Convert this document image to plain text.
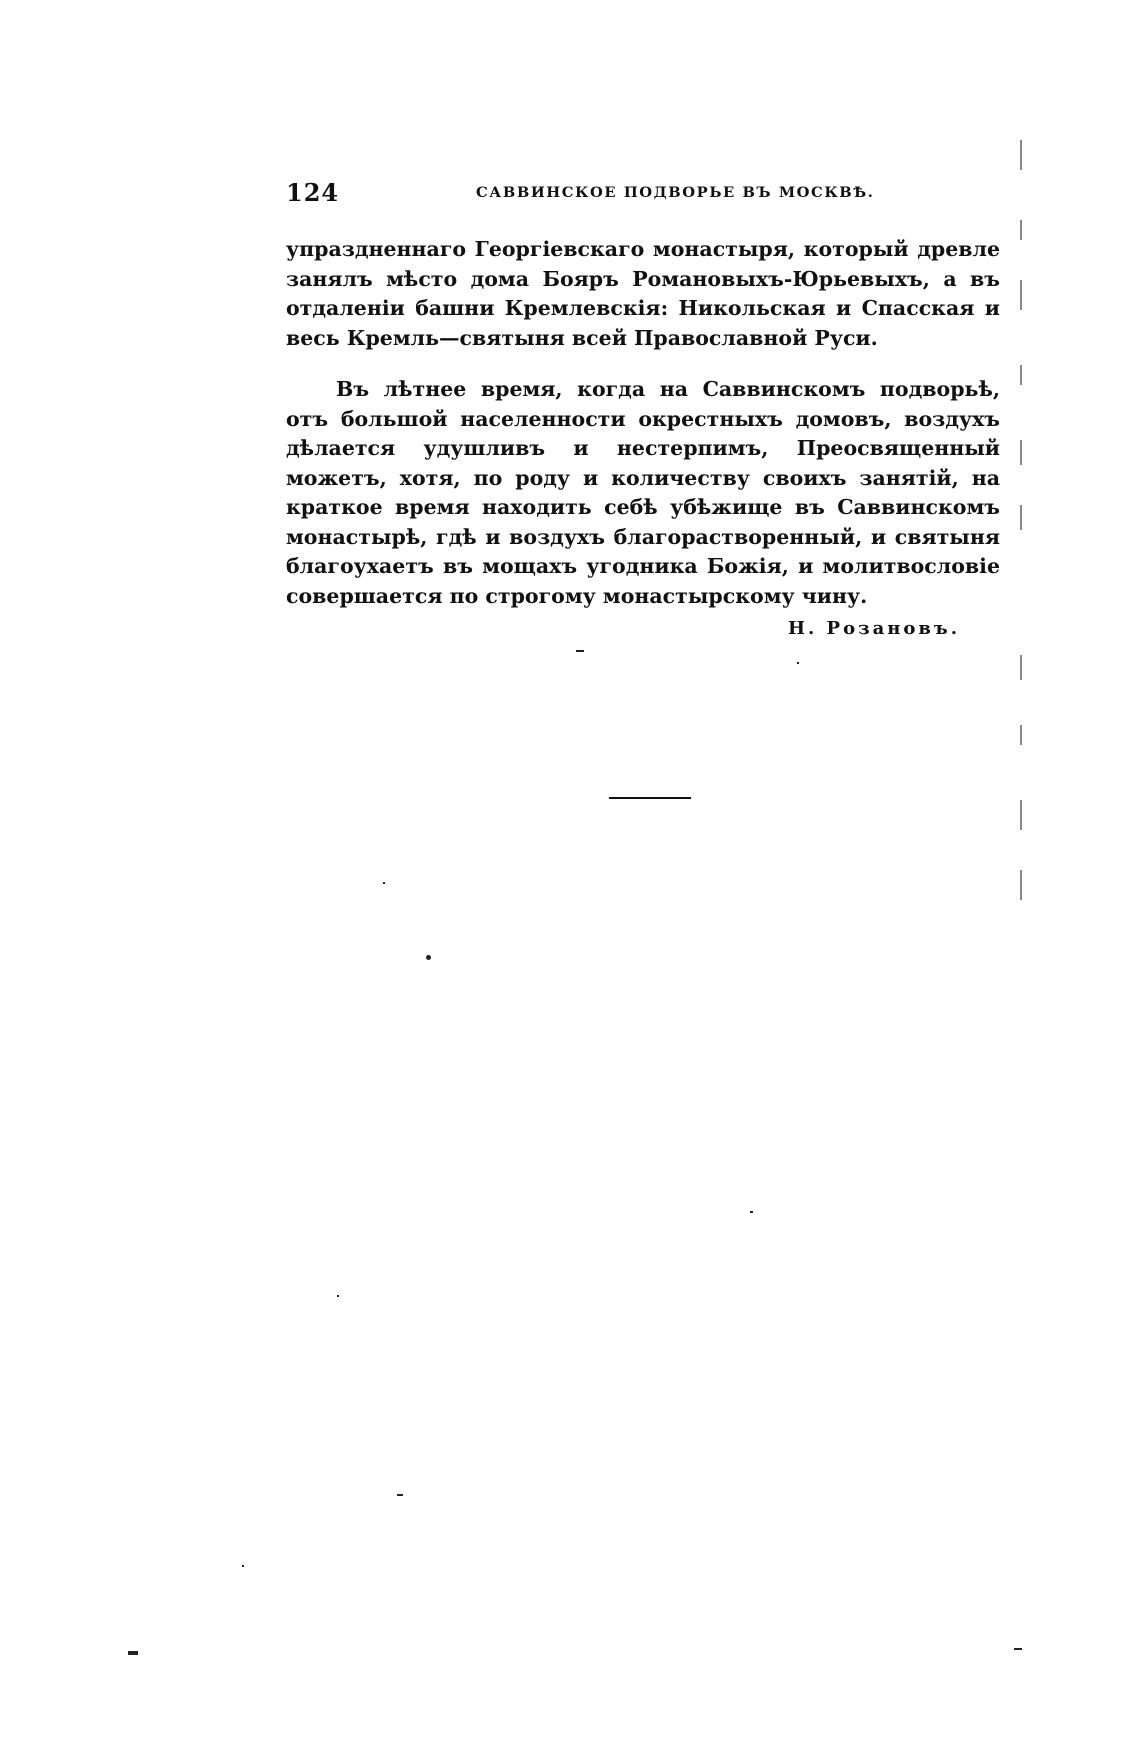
124	САВВИНСКОЕ ПОДВОРЬЕ ВЪ МОСКВѢ.

упраздненнаго Георгіевскаго монастыря, который древле занялъ мѣсто дома Бояръ Романовыхъ-Юрьевыхъ, а въ отдаленіи башни Кремлевскія: Никольская и Спасская и весь Кремль—святыня всей Православной Руси.

Въ лѣтнее время, когда на Саввинскомъ подворьѣ, отъ большой населенности окрестныхъ домовъ, воздухъ дѣлается удушливъ и нестерпимъ, Преосвященный можетъ, хотя, по роду и количеству своихъ занятій, на краткое время находить себѣ убѣжище въ Саввинскомъ монастырѣ, гдѣ и воздухъ благорастворенный, и святыня благоухаетъ въ мощахъ угодника Божія, и молитвословіе совершается по строгому монастырскому чину.

Н. Розановъ.
